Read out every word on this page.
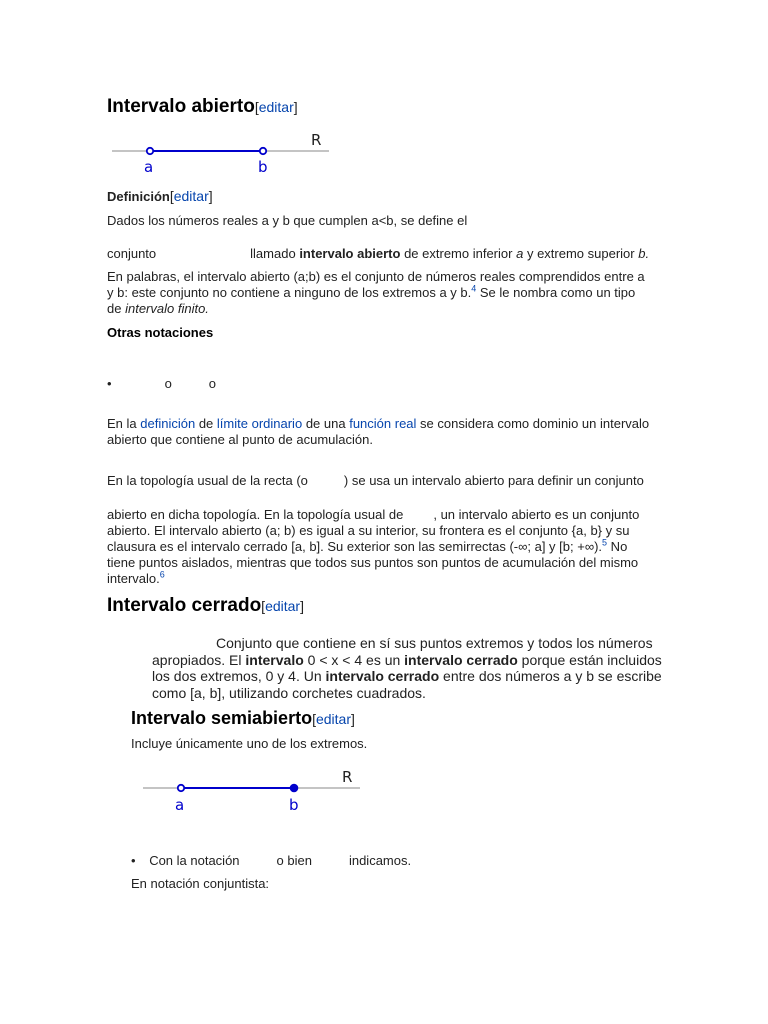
Intervalo abierto[editar]
R
a	b
Definición[editar]

Dados los números reales a y b que cumplen a<b, se define el

conjunto	llamado intervalo abierto de extremo inferior a y extremo superior b.

En palabras, el intervalo abierto (a;b) es el conjunto de números reales comprendidos entre a

y b: este conjunto no contiene a ninguno de los extremos a y b.$^4$ Se le nombra como un tipo

de intervalo finito.

Otras notaciones
•	o	o

En la definición de límite ordinario de una función real se considera como dominio un intervalo

abierto que contiene al punto de acumulación.

En la topología usual de la recta (o	) se usa un intervalo abierto para definir un conjunto

abierto en dicha topología. En la topología usual de , un intervalo abierto es un conjunto

abierto. El intervalo abierto (a; b) es igual a su interior, su frontera es el conjunto {a, b} y su

clausura es el intervalo cerrado [a, b]. Su exterior son las semirrectas (-∞; a] y [b; +∞).$^5$ No

tiene puntos aislados, mientras que todos sus puntos son puntos de acumulación del mismo

intervalo.$^6$

Intervalo cerrado[editar]
Conjunto que contiene en sí sus puntos extremos y todos los números
apropiados. El intervalo 0 < x < 4 es un intervalo cerrado porque están incluidos
los dos extremos, 0 y 4. Un intervalo cerrado entre dos números a y b se escribe
como [a, b], utilizando corchetes cuadrados.
Intervalo semiabierto[editar]

Incluye únicamente uno de los extremos.

R
a	b
• Con la notación	o bien	indicamos.

En notación conjuntista:
